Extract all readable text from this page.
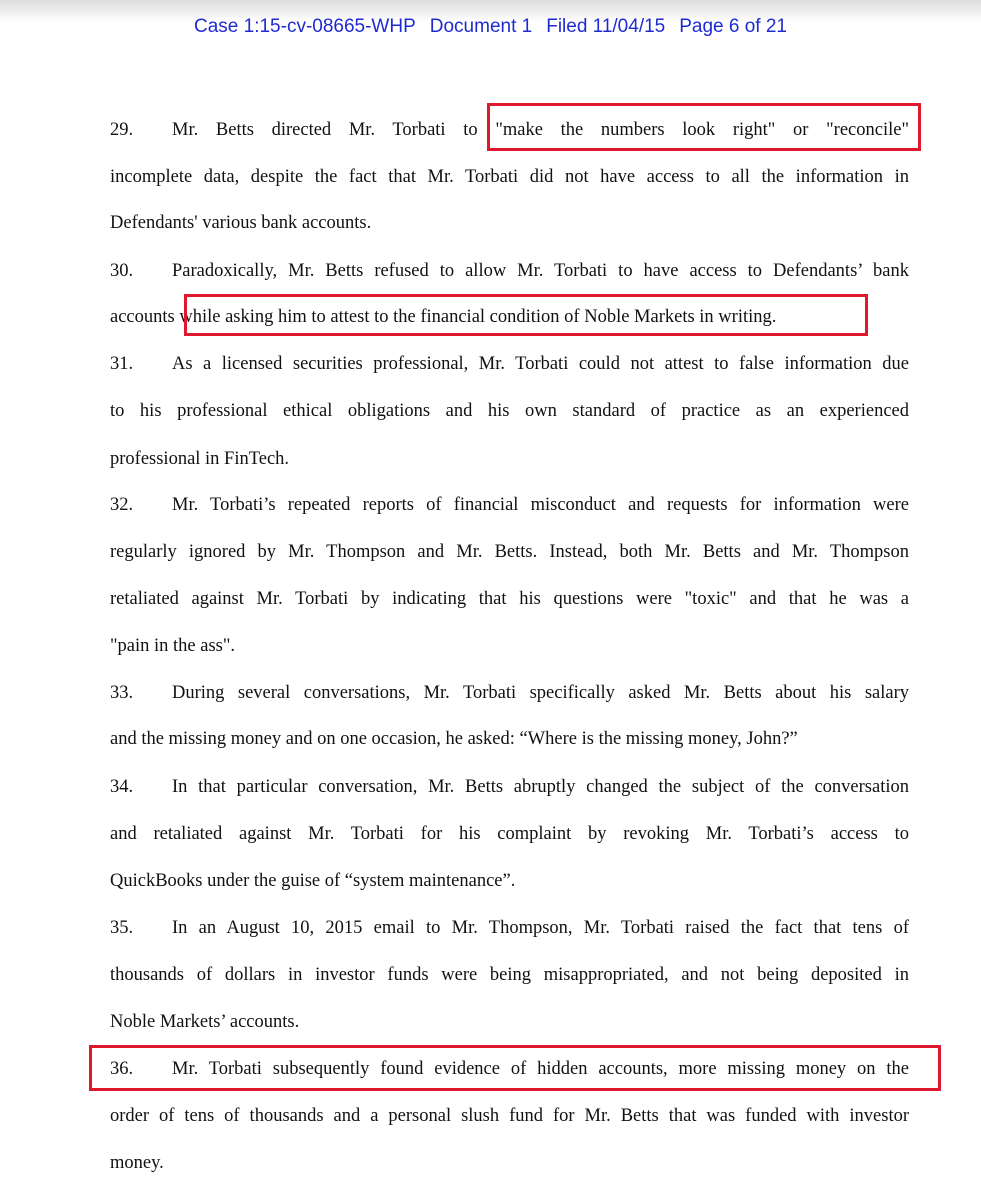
Case 1:15-cv-08665-WHP Document 1 Filed 11/04/15 Page 6 of 21
29. Mr. Betts directed Mr. Torbati to "make the numbers look right" or "reconcile"
incomplete data, despite the fact that Mr. Torbati did not have access to all the information in
Defendants' various bank accounts.
30. Paradoxically, Mr. Betts refused to allow Mr. Torbati to have access to Defendants’ bank
accounts while asking him to attest to the financial condition of Noble Markets in writing.
31. As a licensed securities professional, Mr. Torbati could not attest to false information due
to his professional ethical obligations and his own standard of practice as an experienced
professional in FinTech.
32. Mr. Torbati’s repeated reports of financial misconduct and requests for information were
regularly ignored by Mr. Thompson and Mr. Betts. Instead, both Mr. Betts and Mr. Thompson
retaliated against Mr. Torbati by indicating that his questions were "toxic" and that he was a
"pain in the ass".
33. During several conversations, Mr. Torbati specifically asked Mr. Betts about his salary
and the missing money and on one occasion, he asked: “Where is the missing money, John?”
34. In that particular conversation, Mr. Betts abruptly changed the subject of the conversation
and retaliated against Mr. Torbati for his complaint by revoking Mr. Torbati’s access to
QuickBooks under the guise of “system maintenance”.
35. In an August 10, 2015 email to Mr. Thompson, Mr. Torbati raised the fact that tens of
thousands of dollars in investor funds were being misappropriated, and not being deposited in
Noble Markets’ accounts.
36. Mr. Torbati subsequently found evidence of hidden accounts, more missing money on the
order of tens of thousands and a personal slush fund for Mr. Betts that was funded with investor
money.
